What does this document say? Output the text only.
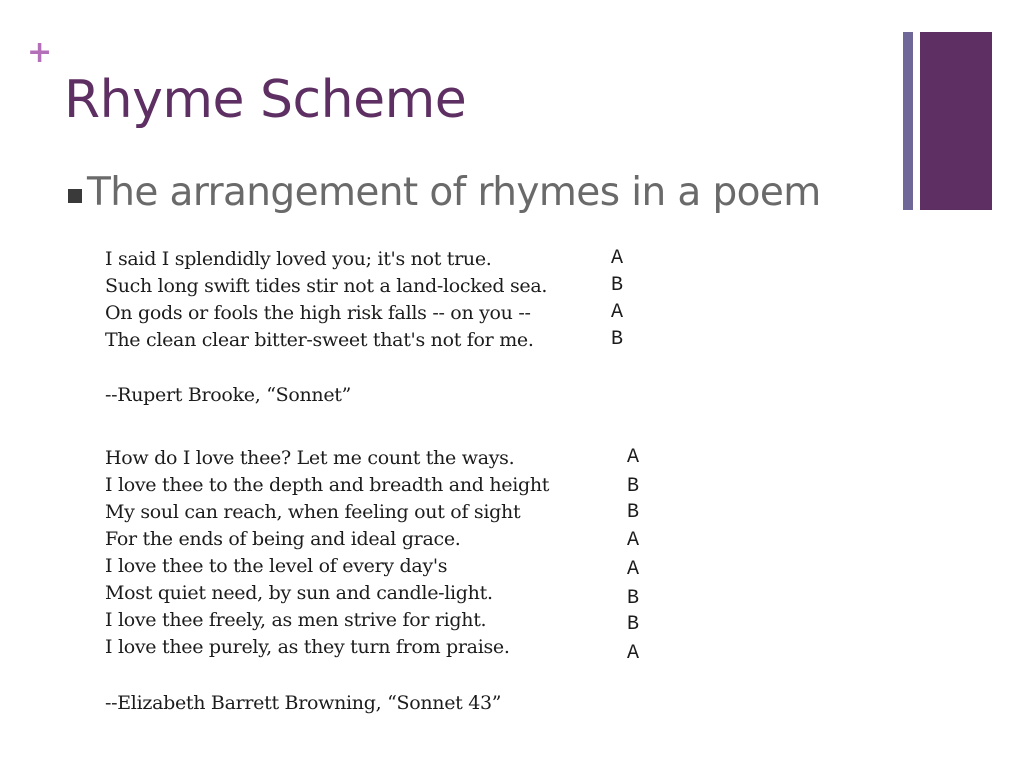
+
Rhyme Scheme
The arrangement of rhymes in a poem
I said I splendidly loved you; it's not true.
Such long swift tides stir not a land-locked sea.
On gods or fools the high risk falls -- on you --
The clean clear bitter-sweet that's not for me.
A
B
A
B
--Rupert Brooke, “Sonnet”
How do I love thee? Let me count the ways.
I love thee to the depth and breadth and height
My soul can reach, when feeling out of sight
For the ends of being and ideal grace.
I love thee to the level of every day's
Most quiet need, by sun and candle-light.
I love thee freely, as men strive for right.
I love thee purely, as they turn from praise.
A
B
B
A
A
B
B
A
--Elizabeth Barrett Browning, “Sonnet 43”
